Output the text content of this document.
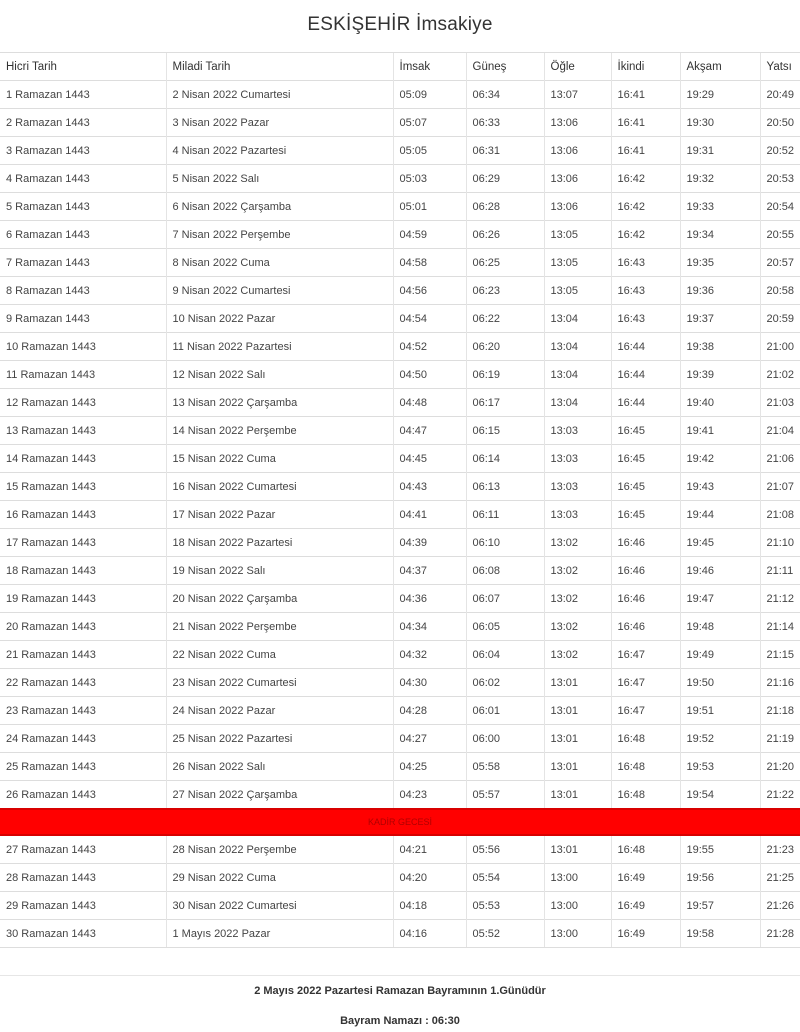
ESKİŞEHİR İmsakiye
Hicri Tarih	Miladi Tarih	İmsak	Güneş	Öğle	İkindi	Akşam	Yatsı
1 Ramazan 1443	2 Nisan 2022 Cumartesi	05:09	06:34	13:07	16:41	19:29	20:49
2 Ramazan 1443	3 Nisan 2022 Pazar	05:07	06:33	13:06	16:41	19:30	20:50
3 Ramazan 1443	4 Nisan 2022 Pazartesi	05:05	06:31	13:06	16:41	19:31	20:52
4 Ramazan 1443	5 Nisan 2022 Salı	05:03	06:29	13:06	16:42	19:32	20:53
5 Ramazan 1443	6 Nisan 2022 Çarşamba	05:01	06:28	13:06	16:42	19:33	20:54
6 Ramazan 1443	7 Nisan 2022 Perşembe	04:59	06:26	13:05	16:42	19:34	20:55
7 Ramazan 1443	8 Nisan 2022 Cuma	04:58	06:25	13:05	16:43	19:35	20:57
8 Ramazan 1443	9 Nisan 2022 Cumartesi	04:56	06:23	13:05	16:43	19:36	20:58
9 Ramazan 1443	10 Nisan 2022 Pazar	04:54	06:22	13:04	16:43	19:37	20:59
10 Ramazan 1443	11 Nisan 2022 Pazartesi	04:52	06:20	13:04	16:44	19:38	21:00
11 Ramazan 1443	12 Nisan 2022 Salı	04:50	06:19	13:04	16:44	19:39	21:02
12 Ramazan 1443	13 Nisan 2022 Çarşamba	04:48	06:17	13:04	16:44	19:40	21:03
13 Ramazan 1443	14 Nisan 2022 Perşembe	04:47	06:15	13:03	16:45	19:41	21:04
14 Ramazan 1443	15 Nisan 2022 Cuma	04:45	06:14	13:03	16:45	19:42	21:06
15 Ramazan 1443	16 Nisan 2022 Cumartesi	04:43	06:13	13:03	16:45	19:43	21:07
16 Ramazan 1443	17 Nisan 2022 Pazar	04:41	06:11	13:03	16:45	19:44	21:08
17 Ramazan 1443	18 Nisan 2022 Pazartesi	04:39	06:10	13:02	16:46	19:45	21:10
18 Ramazan 1443	19 Nisan 2022 Salı	04:37	06:08	13:02	16:46	19:46	21:11
19 Ramazan 1443	20 Nisan 2022 Çarşamba	04:36	06:07	13:02	16:46	19:47	21:12
20 Ramazan 1443	21 Nisan 2022 Perşembe	04:34	06:05	13:02	16:46	19:48	21:14
21 Ramazan 1443	22 Nisan 2022 Cuma	04:32	06:04	13:02	16:47	19:49	21:15
22 Ramazan 1443	23 Nisan 2022 Cumartesi	04:30	06:02	13:01	16:47	19:50	21:16
23 Ramazan 1443	24 Nisan 2022 Pazar	04:28	06:01	13:01	16:47	19:51	21:18
24 Ramazan 1443	25 Nisan 2022 Pazartesi	04:27	06:00	13:01	16:48	19:52	21:19
25 Ramazan 1443	26 Nisan 2022 Salı	04:25	05:58	13:01	16:48	19:53	21:20
26 Ramazan 1443	27 Nisan 2022 Çarşamba	04:23	05:57	13:01	16:48	19:54	21:22
KADİR GECESİ							
27 Ramazan 1443	28 Nisan 2022 Perşembe	04:21	05:56	13:01	16:48	19:55	21:23
28 Ramazan 1443	29 Nisan 2022 Cuma	04:20	05:54	13:00	16:49	19:56	21:25
29 Ramazan 1443	30 Nisan 2022 Cumartesi	04:18	05:53	13:00	16:49	19:57	21:26
30 Ramazan 1443	1 Mayıs 2022 Pazar	04:16	05:52	13:00	16:49	19:58	21:28
2 Mayıs 2022 Pazartesi Ramazan Bayramının 1.Günüdür
Bayram Namazı : 06:30
